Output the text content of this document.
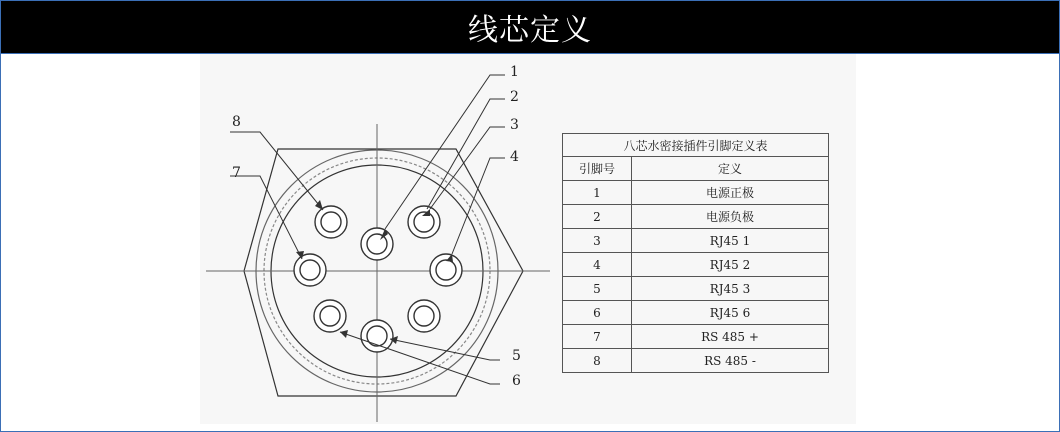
线芯定义
1
2
3
4
5
6
7
8
八芯水密接插件引脚定义表	
引脚号	定义
1	电源正极
2	电源负极
3	RJ45 1
4	RJ45 2
5	RJ45 3
6	RJ45 6
7	RS 485 +
8	RS 485 -
